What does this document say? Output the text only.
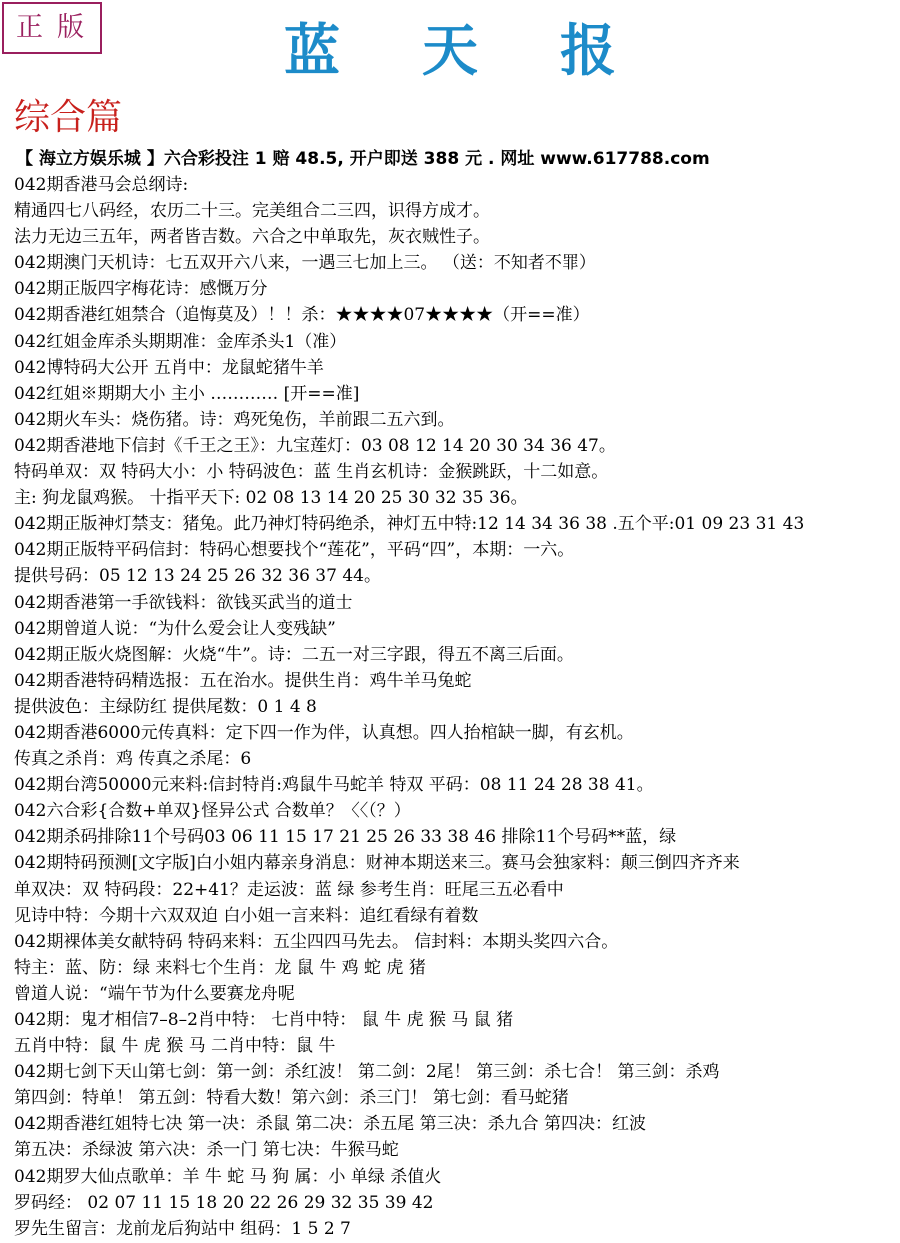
正版	蓝天报
综合篇
【 海立方娱乐城 】六合彩投注 1 赔 48.5, 开户即送 388 元 . 网址 www.617788.com
042期香港马会总纲诗:
精通四七八码经，农历二十三。完美组合二三四，识得方成才。
法力无边三五年，两者皆吉数。六合之中单取先，灰衣贼性子。
042期澳门天机诗：七五双开六八来，一遇三七加上三。 （送：不知者不罪）
042期正版四字梅花诗：感慨万分
042期香港红姐禁合（追悔莫及）！！杀：★★★★07★★★★（开==准）
042红姐金库杀头期期准：金库杀头1（准）
042博特码大公开 五肖中：龙鼠蛇猪牛羊
042红姐※期期大小 主小 ………… [开==准]
042期火车头：烧伤猪。诗：鸡死兔伤，羊前跟二五六到。
042期香港地下信封《千王之王》：九宝莲灯：03 08 12 14 20 30 34 36 47。
特码单双：双 特码大小：小 特码波色：蓝 生肖玄机诗：金猴跳跃，十二如意。
主: 狗龙鼠鸡猴。 十指平天下: 02 08 13 14 20 25 30 32 35 36。
042期正版神灯禁支：猪兔。此乃神灯特码绝杀，神灯五中特:12 14 34 36 38 .五个平:01 09 23 31 43
042期正版特平码信封：特码心想要找个“莲花”，平码“四”，本期：一六。
提供号码：05 12 13 24 25 26 32 36 37 44。
042期香港第一手欲钱料：欲钱买武当的道士
042期曾道人说：“为什么爱会让人变残缺”
042期正版火烧图解：火烧“牛”。诗：二五一对三字跟，得五不离三后面。
042期香港特码精选报：五在治水。提供生肖：鸡牛羊马兔蛇
提供波色：主绿防红 提供尾数：0 1 4 8
042期香港6000元传真料：定下四一作为伴，认真想。四人抬棺缺一脚，有玄机。
传真之杀肖：鸡 传真之杀尾：6
042期台湾50000元来料:信封特肖:鸡鼠牛马蛇羊 特双 平码：08 11 24 28 38 41。
042六合彩{合数+单双}怪异公式 合数单？〈〈（？）
042期杀码排除11个号码03 06 11 15 17 21 25 26 33 38 46 排除11个号码**蓝，绿
042期特码预测[文字版]白小姐内幕亲身消息：财神本期送来三。赛马会独家料：颠三倒四齐齐来
单双决：双 特码段：22+41？走运波：蓝 绿 参考生肖：旺尾三五必看中
见诗中特：今期十六双双迫 白小姐一言来料：追红看绿有着数
042期裸体美女献特码 特码来料：五尘四四马先去。 信封料：本期头奖四六合。
特主：蓝、防：绿 来料七个生肖：龙 鼠 牛 鸡 蛇 虎 猪
曾道人说：“端午节为什么要赛龙舟呢
042期：鬼才相信7–8–2肖中特： 七肖中特： 鼠 牛 虎 猴 马 鼠 猪
五肖中特：鼠 牛 虎 猴 马 二肖中特：鼠 牛
042期七剑下天山第七剑：第一剑：杀红波！ 第二剑：2尾！ 第三剑：杀七合！ 第三剑：杀鸡
第四剑：特单！ 第五剑：特看大数！第六剑：杀三门！ 第七剑：看马蛇猪
042期香港红姐特七决 第一决：杀鼠 第二决：杀五尾 第三决：杀九合 第四决：红波
第五决：杀绿波 第六决：杀一门 第七决：牛猴马蛇
042期罗大仙点歌单：羊 牛 蛇 马 狗 属：小 单绿 杀值火
罗码经： 02 07 11 15 18 20 22 26 29 32 35 39 42
罗先生留言：龙前龙后狗站中 组码：1 5 2 7
